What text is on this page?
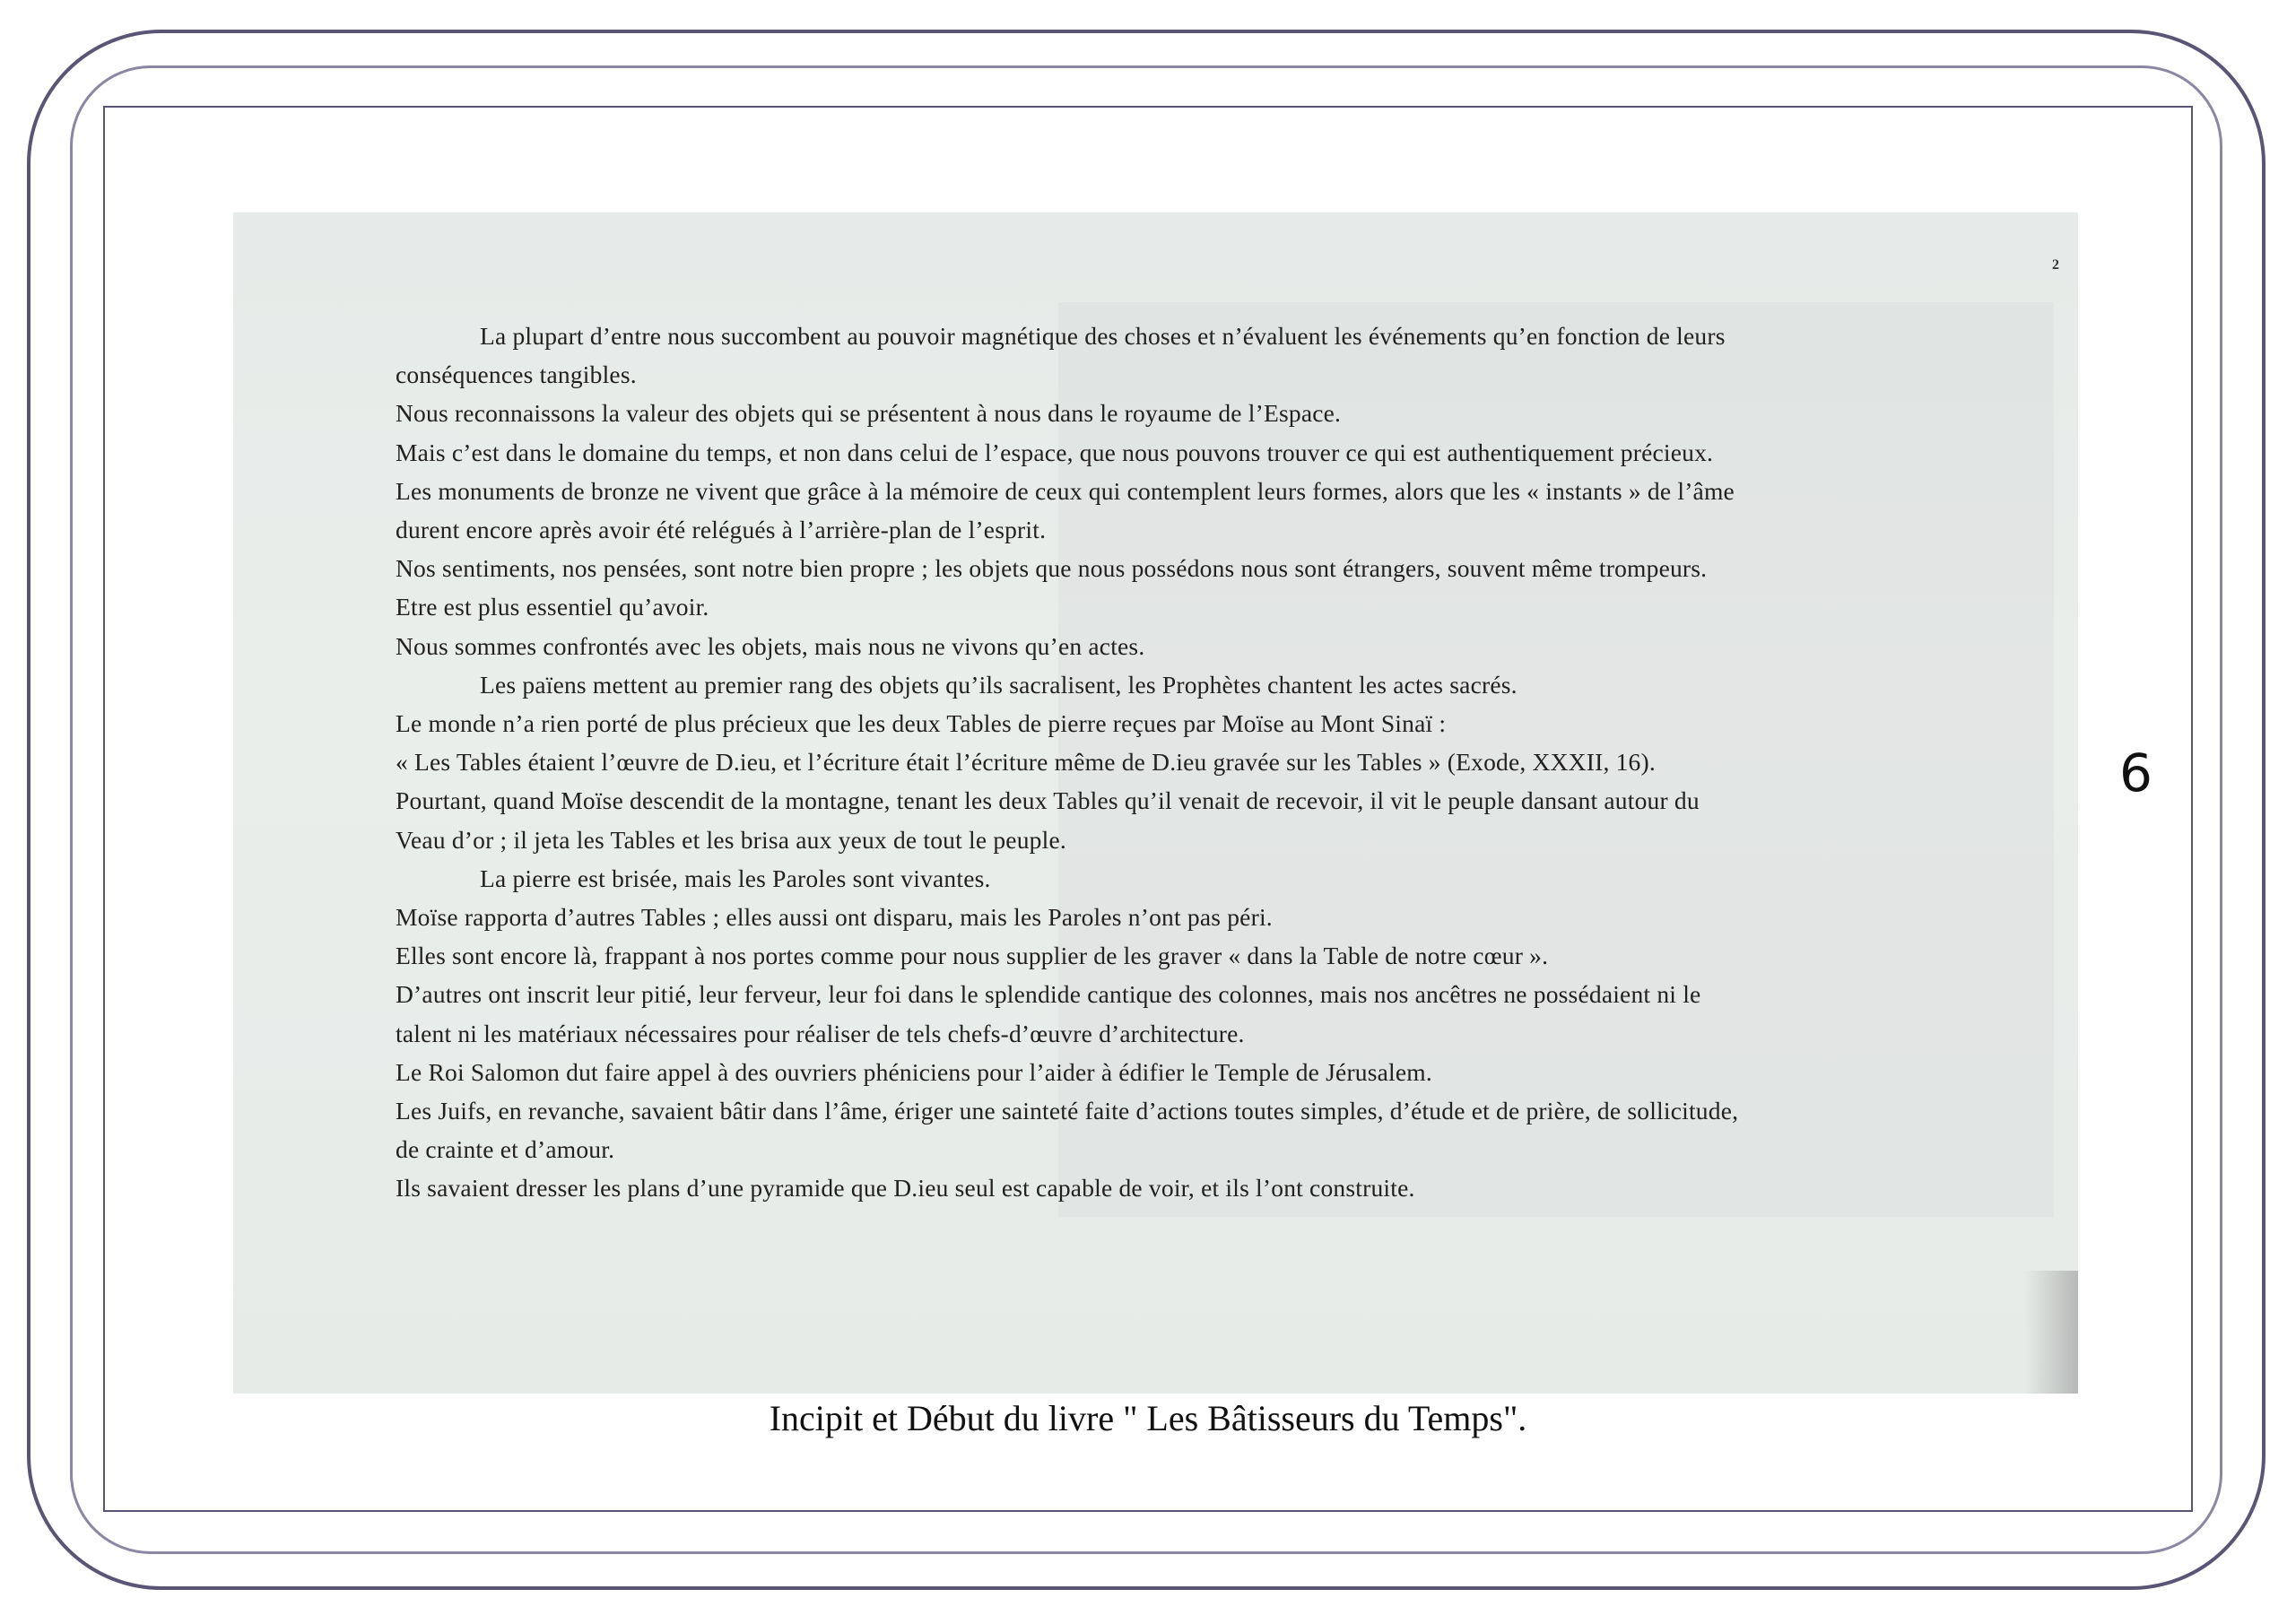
2
La plupart d’entre nous succombent au pouvoir magnétique des choses et n’évaluent les événements qu’en fonction de leurs
conséquences tangibles.
Nous reconnaissons la valeur des objets qui se présentent à nous dans le royaume de l’Espace.
Mais c’est dans le domaine du temps, et non dans celui de l’espace, que nous pouvons trouver ce qui est authentiquement précieux.
Les monuments de bronze ne vivent que grâce à la mémoire de ceux qui contemplent leurs formes, alors que les « instants » de l’âme
durent encore après avoir été relégués à l’arrière-plan de l’esprit.
Nos sentiments, nos pensées, sont notre bien propre ; les objets que nous possédons nous sont étrangers, souvent même trompeurs.
Etre est plus essentiel qu’avoir.
Nous sommes confrontés avec les objets, mais nous ne vivons qu’en actes.
Les païens mettent au premier rang des objets qu’ils sacralisent, les Prophètes chantent les actes sacrés.
Le monde n’a rien porté de plus précieux que les deux Tables de pierre reçues par Moïse au Mont Sinaï :
« Les Tables étaient l’œuvre de D.ieu, et l’écriture était l’écriture même de D.ieu gravée sur les Tables » (Exode, XXXII, 16).
Pourtant, quand Moïse descendit de la montagne, tenant les deux Tables qu’il venait de recevoir, il vit le peuple dansant autour du
Veau d’or ; il jeta les Tables et les brisa aux yeux de tout le peuple.
La pierre est brisée, mais les Paroles sont vivantes.
Moïse rapporta d’autres Tables ; elles aussi ont disparu, mais les Paroles n’ont pas péri.
Elles sont encore là, frappant à nos portes comme pour nous supplier de les graver « dans la Table de notre cœur ».
D’autres ont inscrit leur pitié, leur ferveur, leur foi dans le splendide cantique des colonnes, mais nos ancêtres ne possédaient ni le
talent ni les matériaux nécessaires pour réaliser de tels chefs-d’œuvre d’architecture.
Le Roi Salomon dut faire appel à des ouvriers phéniciens pour l’aider à édifier le Temple de Jérusalem.
Les Juifs, en revanche, savaient bâtir dans l’âme, ériger une sainteté faite d’actions toutes simples, d’étude et de prière, de sollicitude,
de crainte et d’amour.
Ils savaient dresser les plans d’une pyramide que D.ieu seul est capable de voir, et ils l’ont construite.
Incipit et Début du livre " Les Bâtisseurs du Temps".
6
